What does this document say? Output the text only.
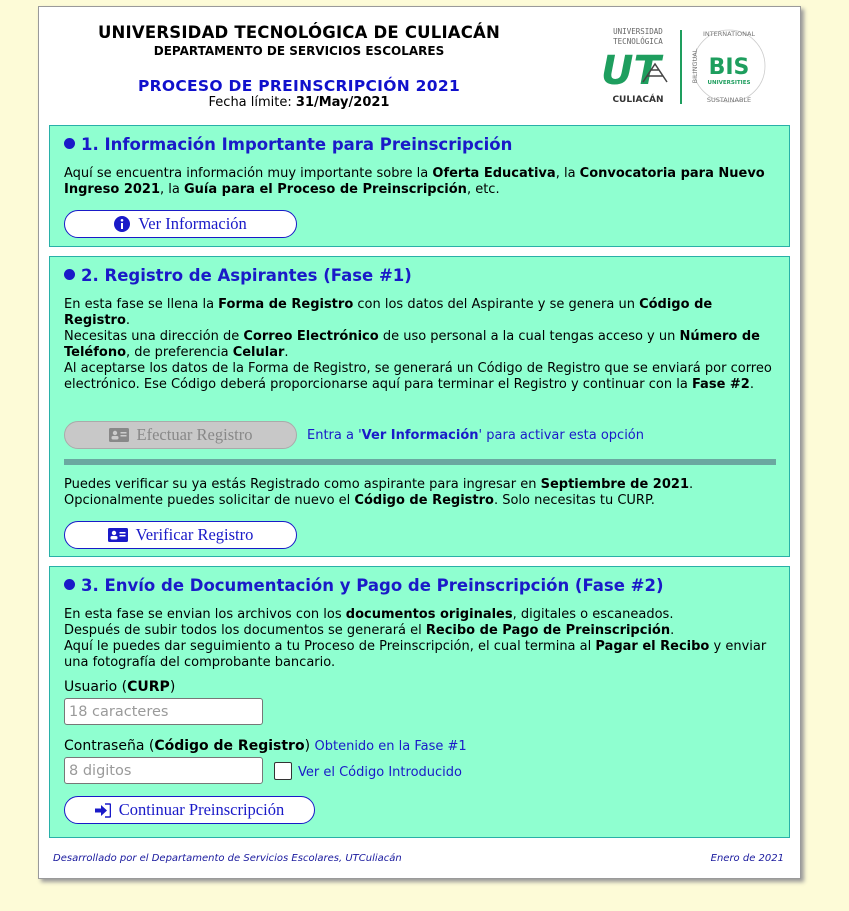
UNIVERSIDAD TECNOLÓGICA DE CULIACÁN
DEPARTAMENTO DE SERVICIOS ESCOLARES
PROCESO DE PREINSCRIPCIÓN 2021
Fecha límite: 31/May/2021
UNIVERSIDAD
TECNOLÓGICA
UT
CULIACÁN
INTERNATIONAL
SUSTAINABLE
BILINGUAL BIS
UNIVERSITIES
1. Información Importante para Preinscripción
Aquí se encuentra información muy importante sobre la Oferta Educativa, la Convocatoria para Nuevo Ingreso 2021, la Guía para el Proceso de Preinscripción, etc.
Ver Información
2. Registro de Aspirantes (Fase #1)
En esta fase se llena la Forma de Registro con los datos del Aspirante y se genera un Código de Registro.
Necesitas una dirección de Correo Electrónico de uso personal a la cual tengas acceso y un Número de Teléfono, de preferencia Celular.
Al aceptarse los datos de la Forma de Registro, se generará un Código de Registro que se enviará por correo electrónico. Ese Código deberá proporcionarse aquí para terminar el Registro y continuar con la Fase #2.
Efectuar Registro	Entra a 'Ver Información' para activar esta opción
Puedes verificar su ya estás Registrado como aspirante para ingresar en Septiembre de 2021.
Opcionalmente puedes solicitar de nuevo el Código de Registro. Solo necesitas tu CURP.
Verificar Registro
3. Envío de Documentación y Pago de Preinscripción (Fase #2)
En esta fase se envian los archivos con los documentos originales, digitales o escaneados.
Después de subir todos los documentos se generará el Recibo de Pago de Preinscripción.
Aquí le puedes dar seguimiento a tu Proceso de Preinscripción, el cual termina al Pagar el Recibo y enviar una fotografía del comprobante bancario.
Usuario (CURP)
18 caracteres
Contraseña (Código de Registro) Obtenido en la Fase #1
8 digitos
Ver el Código Introducido
Continuar Preinscripción
Desarrollado por el Departamento de Servicios Escolares, UTCuliacán	Enero de 2021
